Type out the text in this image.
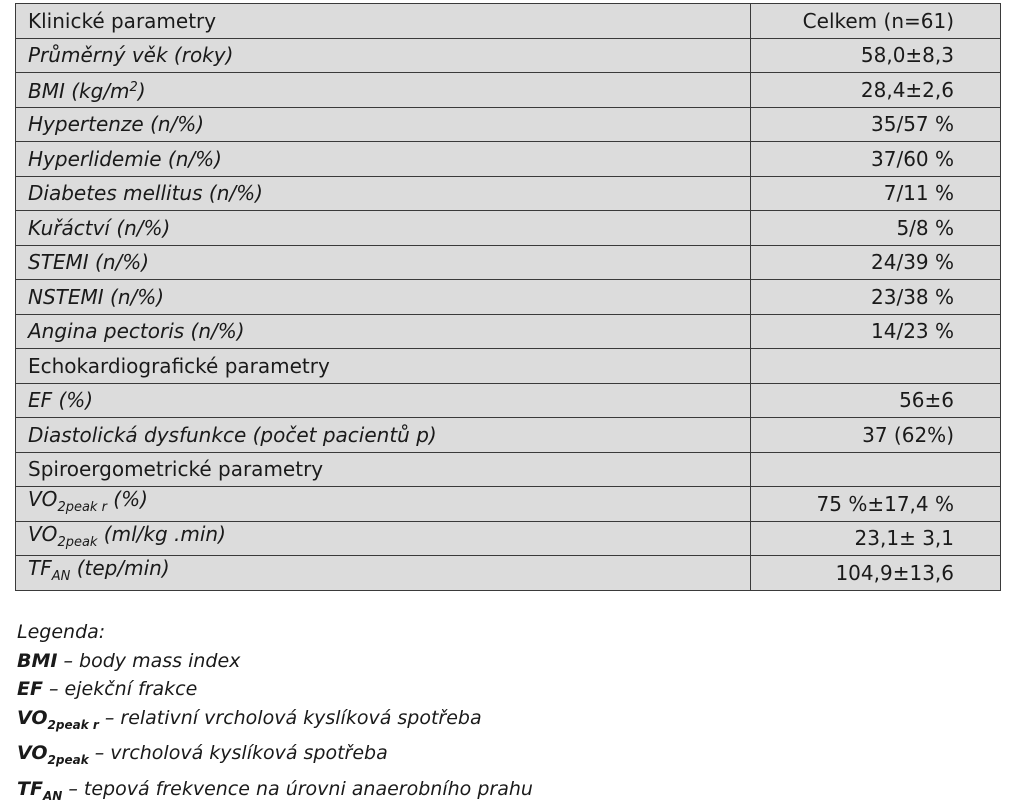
Klinické parametry	Celkem (n=61)
Průměrný věk (roky)	58,0±8,3
BMI $(kg/m^2)$	28,4±2,6
Hypertenze (n/%)	35/57 %
Hyperlidemie (n/%)	37/60 %
Diabetes mellitus (n/%)	7/11 %
Kuřáctví (n/%)	5/8 %
STEMI (n/%)	24/39 %
NSTEMI (n/%)	23/38 %
Angina pectoris (n/%)	14/23 %
Echokardiografické parametry	
EF (%)	56±6
Diastolická dysfunkce (počet pacientů p)	37 (62%)
Spiroergometrické parametry	
$VO_{2peak r}$ (%)	75 %±17,4 %
$VO_{2peak}$ (ml/kg .min)	23,1± 3,1
$TF_{AN}$ (tep/min)	104,9±13,6
Legenda:
BMI – body mass index
EF – ejekční frakce
$VO_{2peak r}$ – relativní vrcholová kyslíková spotřeba
$VO_{2peak}$ – vrcholová kyslíková spotřeba
$TF_{AN}$ – tepová frekvence na úrovni anaerobního prahu
